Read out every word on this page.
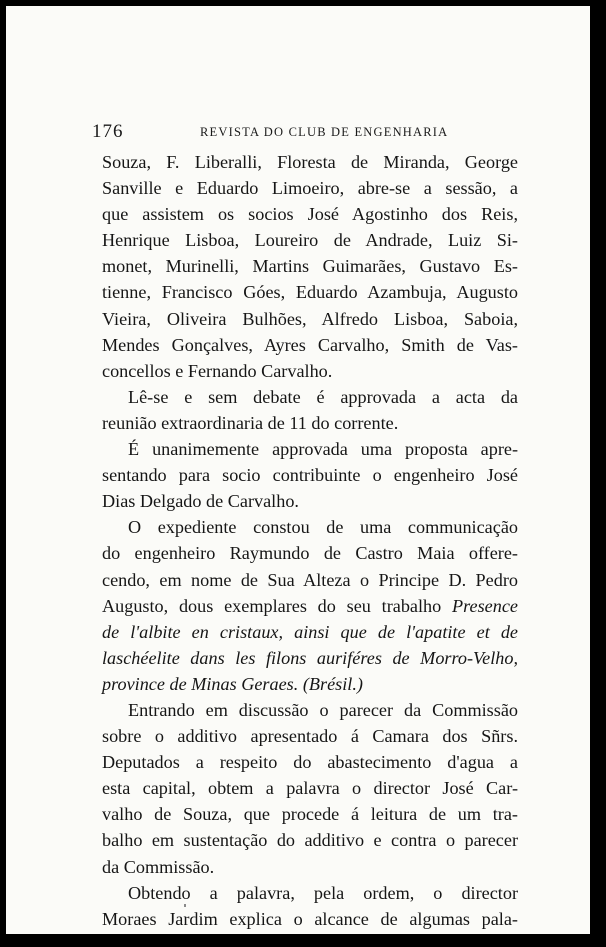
176	REVISTA DO CLUB DE ENGENHARIA
Souza, F. Liberalli, Floresta de Miranda, George
Sanville e Eduardo Limoeiro, abre-se a sessão, a
que assistem os socios José Agostinho dos Reis,
Henrique Lisboa, Loureiro de Andrade, Luiz Si-
monet, Murinelli, Martins Guimarães, Gustavo Es-
tienne, Francisco Góes, Eduardo Azambuja, Augusto
Vieira, Oliveira Bulhões, Alfredo Lisboa, Saboia,
Mendes Gonçalves, Ayres Carvalho, Smith de Vas-
concellos e Fernando Carvalho.
Lê-se e sem debate é approvada a acta da
reunião extraordinaria de 11 do corrente.
É unanimemente approvada uma proposta apre-
sentando para socio contribuinte o engenheiro José
Dias Delgado de Carvalho.
O expediente constou de uma communicação
do engenheiro Raymundo de Castro Maia offere-
cendo, em nome de Sua Alteza o Principe D. Pedro
Augusto, dous exemplares do seu trabalho Presence
de l'albite en cristaux, ainsi que de l'apatite et de
laschéelite dans les filons auriféres de Morro-Velho,
province de Minas Geraes. (Brésil.)
Entrando em discussão o parecer da Commissão
sobre o additivo apresentado á Camara dos Sñrs.
Deputados a respeito do abastecimento d'agua a
esta capital, obtem a palavra o director José Car-
valho de Souza, que procede á leitura de um tra-
balho em sustentação do additivo e contra o parecer
da Commissão.
Obtendo a palavra, pela ordem, o director
Moraes Jardim explica o alcance de algumas pala-
